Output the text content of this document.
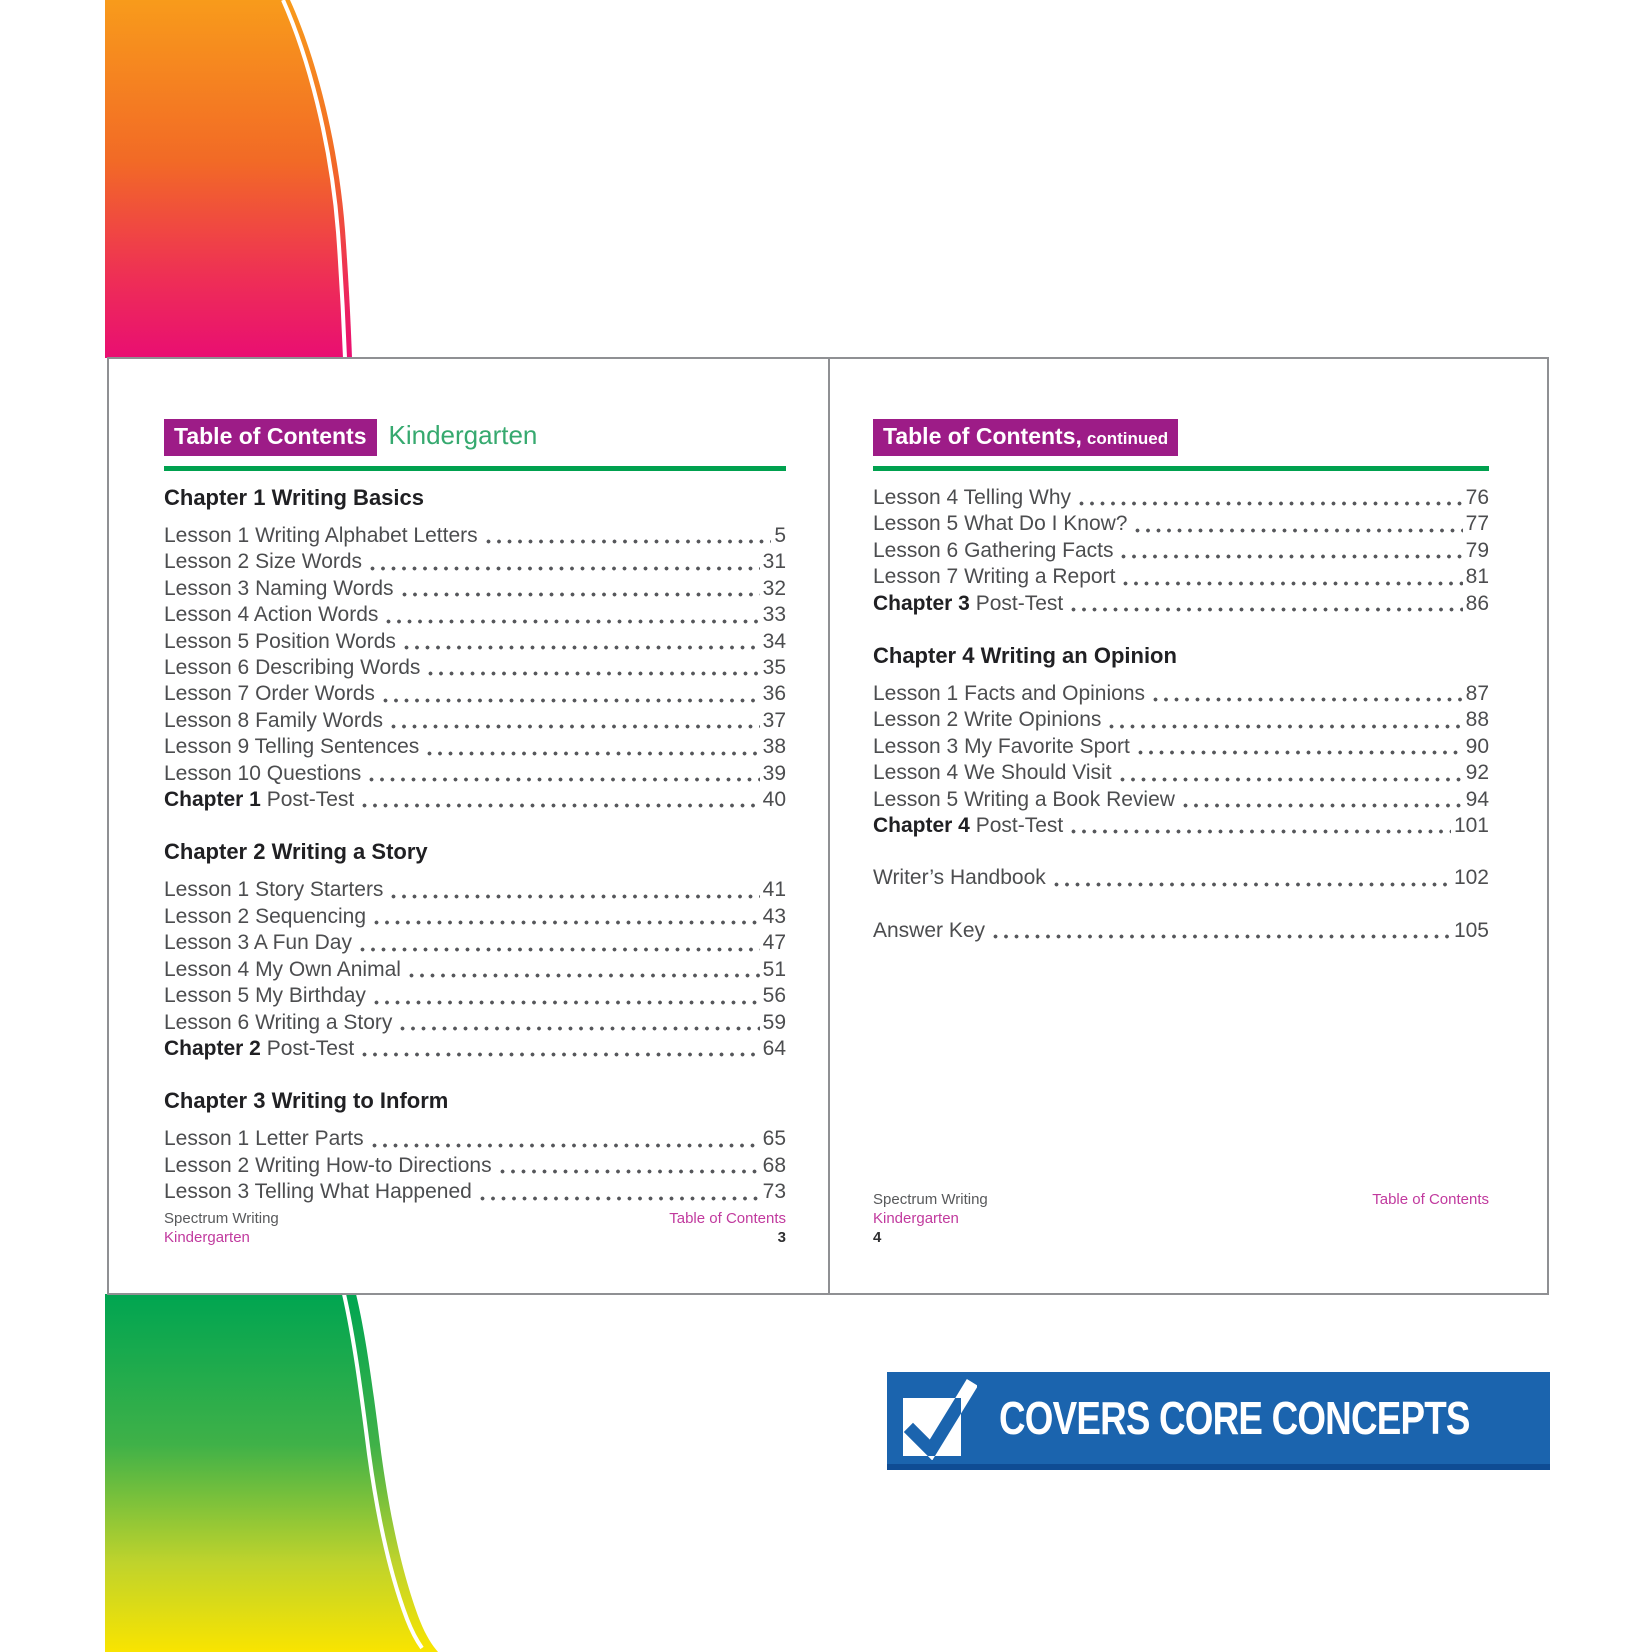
Table of Contents Kindergarten
Chapter 1 Writing Basics
Lesson 1 Writing Alphabet Letters	5
Lesson 2 Size Words	31
Lesson 3 Naming Words	32
Lesson 4 Action Words	33
Lesson 5 Position Words	34
Lesson 6 Describing Words	35
Lesson 7 Order Words	36
Lesson 8 Family Words	37
Lesson 9 Telling Sentences	38
Lesson 10 Questions	39
Chapter 1 Post-Test	40
Chapter 2 Writing a Story
Lesson 1 Story Starters	41
Lesson 2 Sequencing	43
Lesson 3 A Fun Day	47
Lesson 4 My Own Animal	51
Lesson 5 My Birthday	56
Lesson 6 Writing a Story	59
Chapter 2 Post-Test	64
Chapter 3 Writing to Inform
Lesson 1 Letter Parts	65
Lesson 2 Writing How-to Directions	68
Lesson 3 Telling What Happened	73
Spectrum Writing
Kindergarten
Table of Contents
3
Table of Contents, continued
Lesson 4 Telling Why	76
Lesson 5 What Do I Know?	77
Lesson 6 Gathering Facts	79
Lesson 7 Writing a Report	81
Chapter 3 Post-Test	86
Chapter 4 Writing an Opinion
Lesson 1 Facts and Opinions	87
Lesson 2 Write Opinions	88
Lesson 3 My Favorite Sport	90
Lesson 4 We Should Visit	92
Lesson 5 Writing a Book Review	94
Chapter 4 Post-Test	101
Writer’s Handbook	102
Answer Key	105
Spectrum Writing
Kindergarten
4
Table of Contents
COVERS CORE CONCEPTS
